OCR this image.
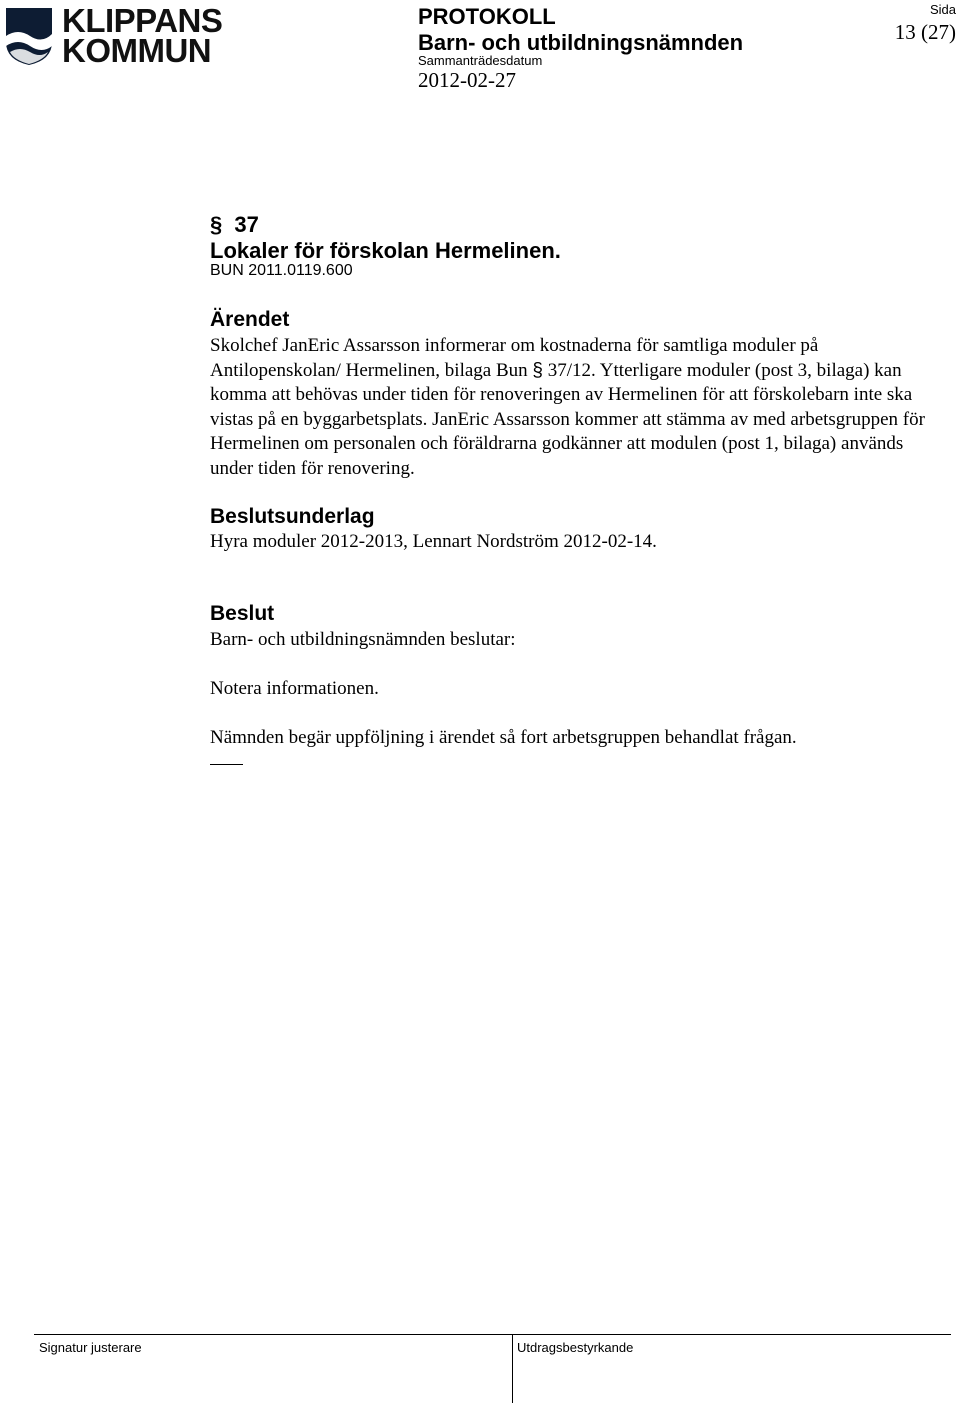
KLIPPANS
KOMMUN
PROTOKOLL
Barn- och utbildningsnämnden
Sammanträdesdatum
2012-02-27
Sida
13 (27)
§ 37
Lokaler för förskolan Hermelinen.
BUN 2011.0119.600
Ärendet
Skolchef JanEric Assarsson informerar om kostnaderna för samtliga moduler på Antilopenskolan/ Hermelinen, bilaga Bun § 37/12. Ytterligare moduler (post 3, bilaga) kan komma att behövas under tiden för renoveringen av Hermelinen för att förskolebarn inte ska vistas på en byggarbetsplats. JanEric Assarsson kommer att stämma av med arbetsgruppen för Hermelinen om personalen och föräldrarna godkänner att modulen (post 1, bilaga) används under tiden för renovering.
Beslutsunderlag
Hyra moduler 2012-2013, Lennart Nordström 2012-02-14.
Beslut
Barn- och utbildningsnämnden beslutar:
Notera informationen.
Nämnden begär uppföljning i ärendet så fort arbetsgruppen behandlat frågan.
Signatur justerare	Utdragsbestyrkande
